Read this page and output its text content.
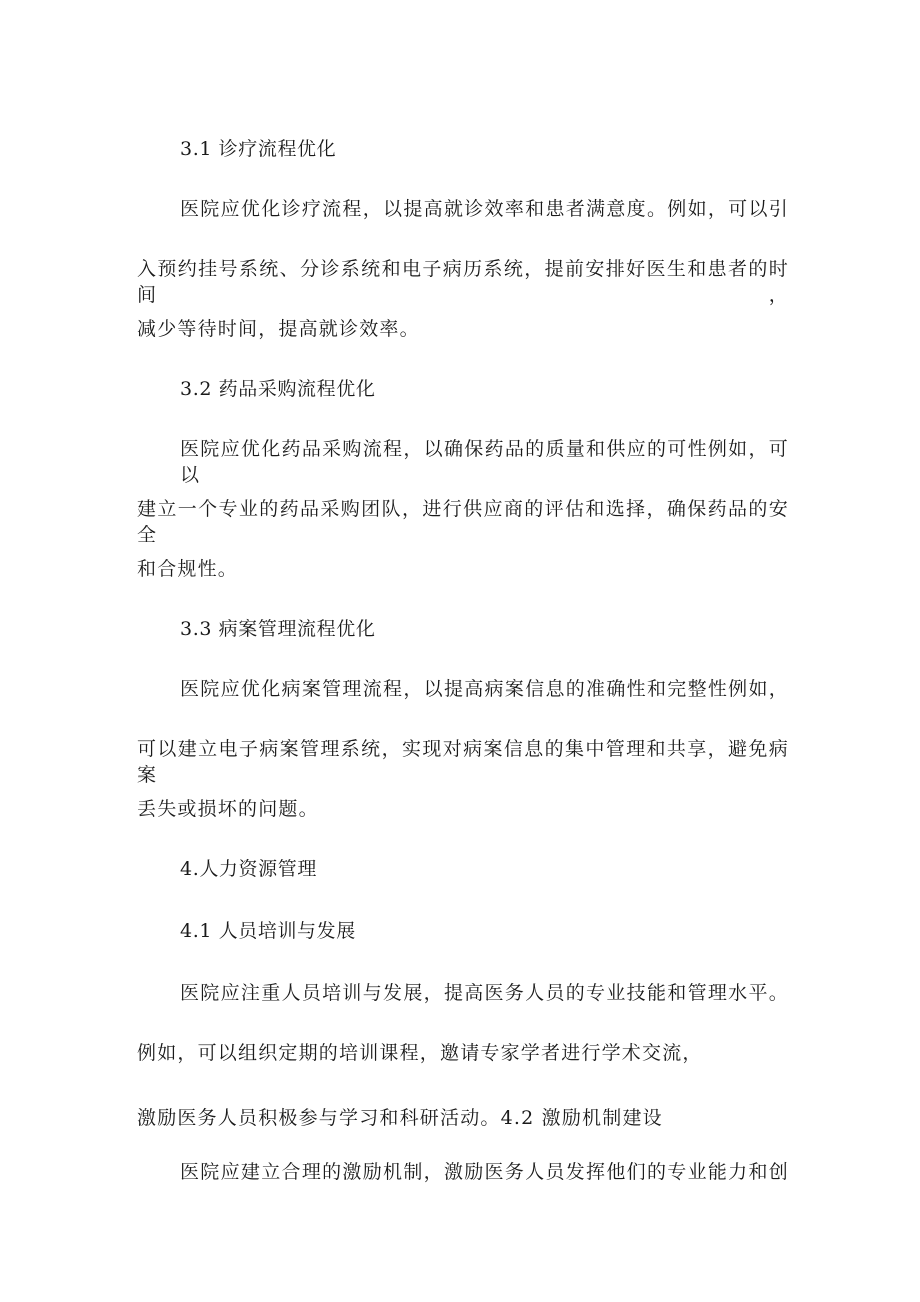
3.1 诊疗流程优化
医院应优化诊疗流程，以提高就诊效率和患者满意度。例如，可以引
入预约挂号系统、分诊系统和电子病历系统，提前安排好医生和患者的时间，
减少等待时间，提高就诊效率。
3.2 药品采购流程优化
医院应优化药品采购流程，以确保药品的质量和供应的可性例如，可以
建立一个专业的药品采购团队，进行供应商的评估和选择，确保药品的安全
和合规性。
3.3 病案管理流程优化
医院应优化病案管理流程，以提高病案信息的准确性和完整性例如，
可以建立电子病案管理系统，实现对病案信息的集中管理和共享，避免病案
丢失或损坏的问题。
4.人力资源管理
4.1 人员培训与发展
医院应注重人员培训与发展，提高医务人员的专业技能和管理水平。
例如，可以组织定期的培训课程，邀请专家学者进行学术交流，
激励医务人员积极参与学习和科研活动。4.2 激励机制建设
医院应建立合理的激励机制，激励医务人员发挥他们的专业能力和创
